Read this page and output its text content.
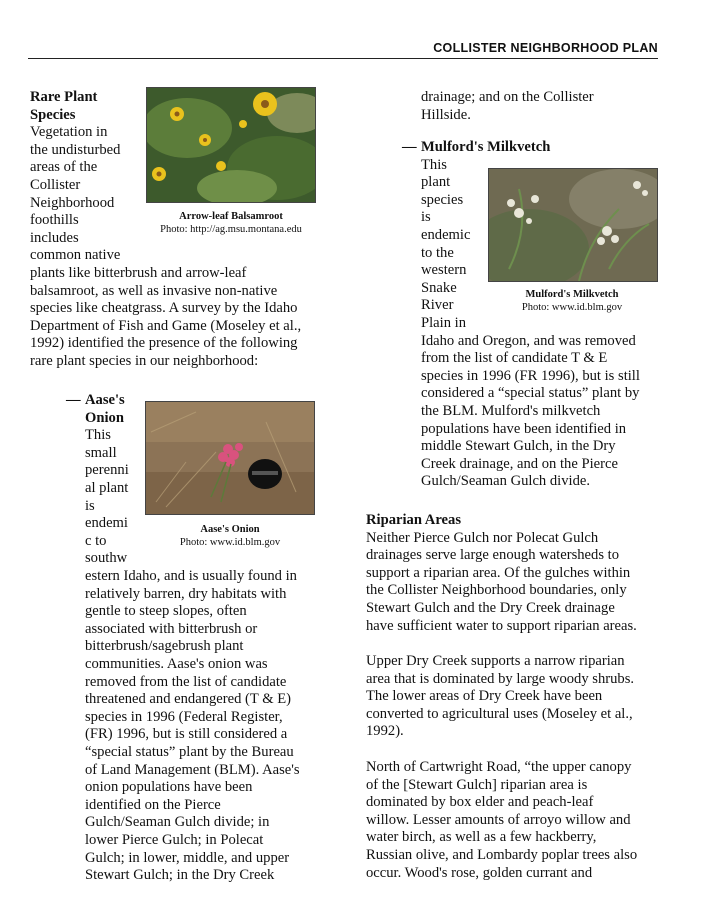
COLLISTER NEIGHBORHOOD PLAN
Rare Plant
Species
Vegetation in
the undisturbed
areas of the
Collister
Neighborhood
foothills
includes
common native
plants like bitterbrush and arrow-leaf
balsamroot, as well as invasive non-native
species like cheatgrass. A survey by the Idaho
Department of Fish and Game (Moseley et al.,
1992) identified the presence of the following
rare plant species in our neighborhood:
Arrow-leaf Balsamroot
Photo: http://ag.msu.montana.edu
— Aase's
Onion
This
small
perenni
al plant
is
endemi
c to
southw
estern Idaho, and is usually found in
relatively barren, dry habitats with
gentle to steep slopes, often
associated with bitterbrush or
bitterbrush/sagebrush plant
communities. Aase's onion was
removed from the list of candidate
threatened and endangered (T & E)
species in 1996 (Federal Register,
(FR) 1996, but is still considered a
“special status” plant by the Bureau
of Land Management (BLM). Aase's
onion populations have been
identified on the Pierce
Gulch/Seaman Gulch divide; in
lower Pierce Gulch; in Polecat
Gulch; in lower, middle, and upper
Stewart Gulch; in the Dry Creek
Aase's Onion
Photo: www.id.blm.gov
drainage; and on the Collister
Hillside.
— Mulford's Milkvetch
This
plant
species
is
endemic
to the
western
Snake
River
Plain in
Idaho and Oregon, and was removed
from the list of candidate T & E
species in 1996 (FR 1996), but is still
considered a “special status” plant by
the BLM. Mulford's milkvetch
populations have been identified in
middle Stewart Gulch, in the Dry
Creek drainage, and on the Pierce
Gulch/Seaman Gulch divide.
Mulford's Milkvetch
Photo: www.id.blm.gov
Riparian Areas
Neither Pierce Gulch nor Polecat Gulch
drainages serve large enough watersheds to
support a riparian area. Of the gulches within
the Collister Neighborhood boundaries, only
Stewart Gulch and the Dry Creek drainage
have sufficient water to support riparian areas.
Upper Dry Creek supports a narrow riparian
area that is dominated by large woody shrubs.
The lower areas of Dry Creek have been
converted to agricultural uses (Moseley et al.,
1992).
North of Cartwright Road, “the upper canopy
of the [Stewart Gulch] riparian area is
dominated by box elder and peach-leaf
willow. Lesser amounts of arroyo willow and
water birch, as well as a few hackberry,
Russian olive, and Lombardy poplar trees also
occur. Wood's rose, golden currant and
